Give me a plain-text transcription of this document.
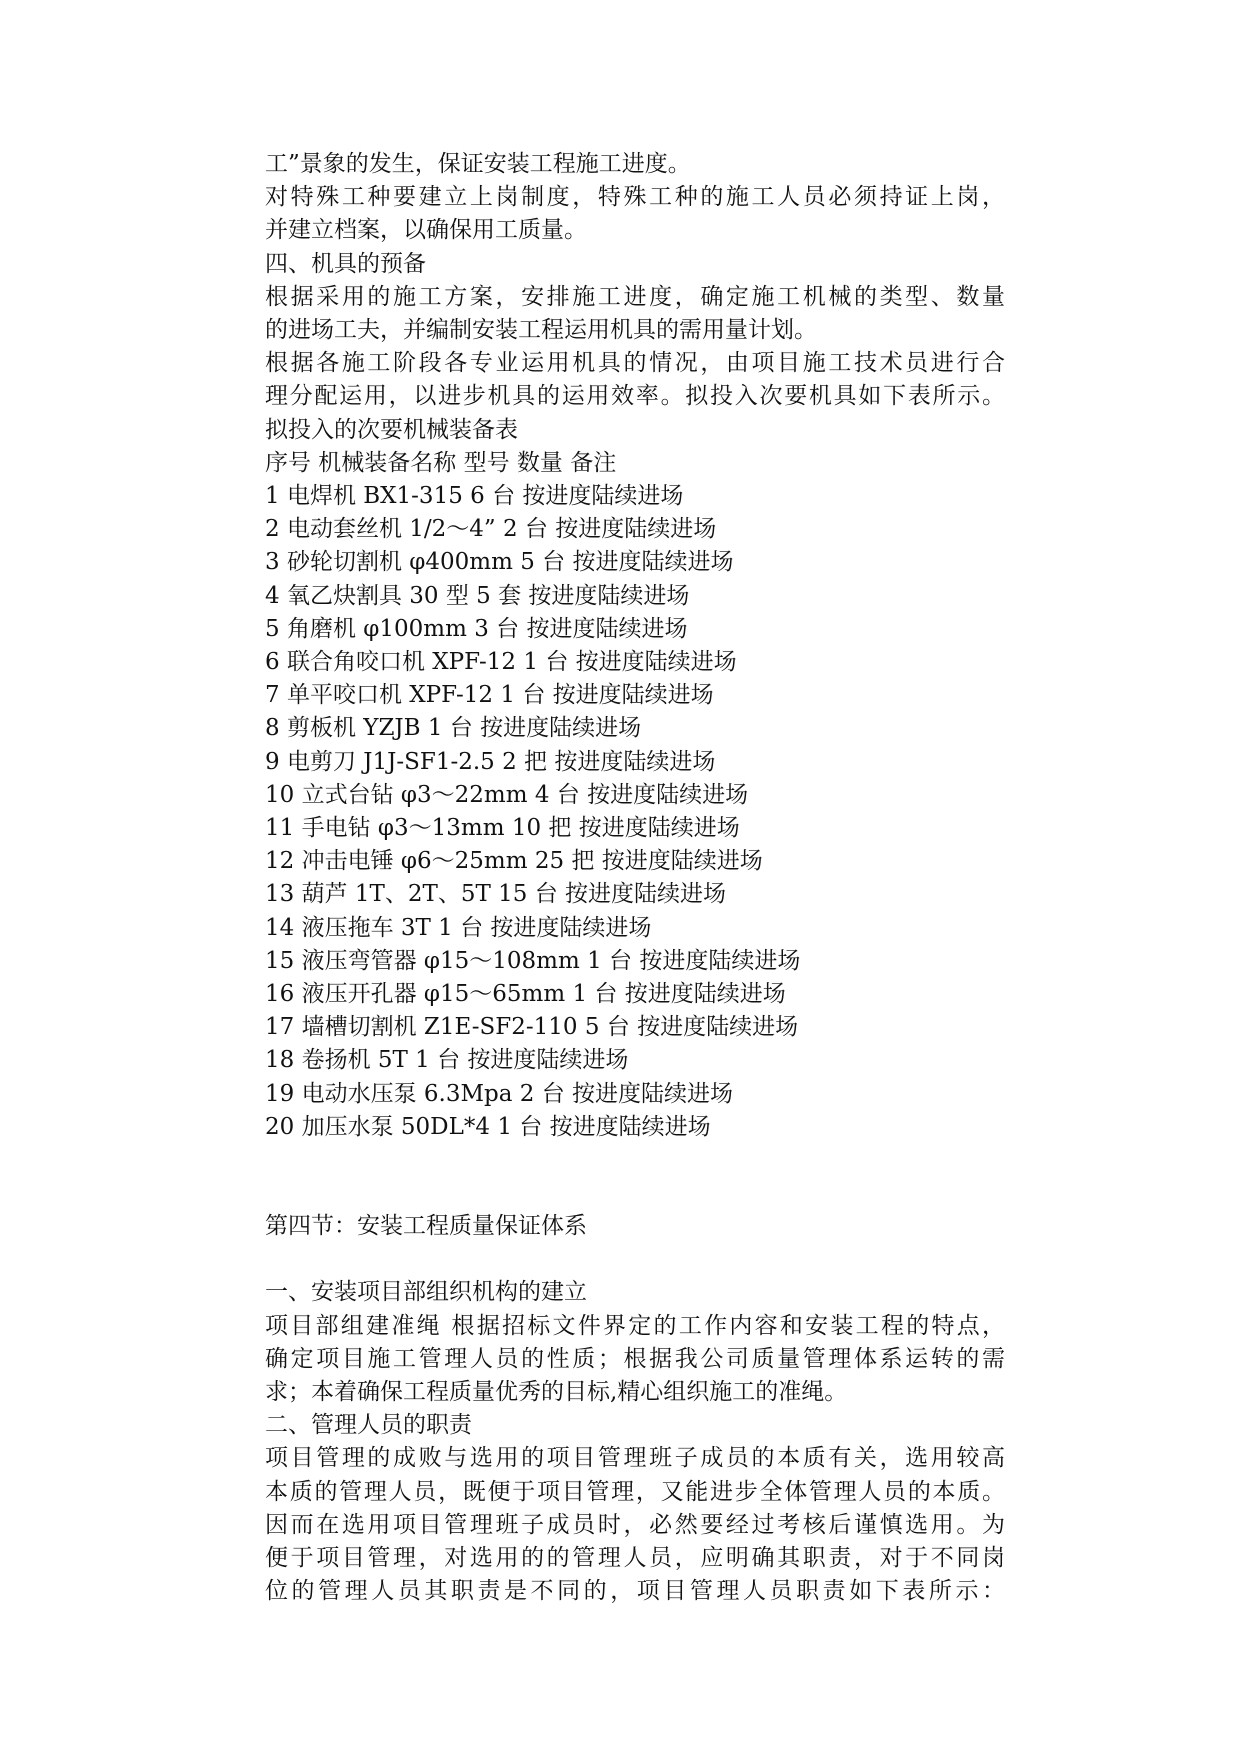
工”景象的发生，保证安装工程施工进度。
对特殊工种要建立上岗制度，特殊工种的施工人员必须持证上岗，
并建立档案，以确保用工质量。
四、机具的预备
根据采用的施工方案，安排施工进度，确定施工机械的类型、数量
的进场工夫，并编制安装工程运用机具的需用量计划。
根据各施工阶段各专业运用机具的情况，由项目施工技术员进行合
理分配运用，以进步机具的运用效率。拟投入次要机具如下表所示。
拟投入的次要机械装备表
序号 机械装备名称 型号 数量 备注
1 电焊机 BX1-315 6 台 按进度陆续进场
2 电动套丝机 1/2～4” 2 台 按进度陆续进场
3 砂轮切割机 φ400mm 5 台 按进度陆续进场
4 氧乙炔割具 30 型 5 套 按进度陆续进场
5 角磨机 φ100mm 3 台 按进度陆续进场
6 联合角咬口机 XPF-12 1 台 按进度陆续进场
7 单平咬口机 XPF-12 1 台 按进度陆续进场
8 剪板机 YZJB 1 台 按进度陆续进场
9 电剪刀 J1J-SF1-2.5 2 把 按进度陆续进场
10 立式台钻 φ3～22mm 4 台 按进度陆续进场
11 手电钻 φ3～13mm 10 把 按进度陆续进场
12 冲击电锤 φ6～25mm 25 把 按进度陆续进场
13 葫芦 1T、2T、5T 15 台 按进度陆续进场
14 液压拖车 3T 1 台 按进度陆续进场
15 液压弯管器 φ15～108mm 1 台 按进度陆续进场
16 液压开孔器 φ15～65mm 1 台 按进度陆续进场
17 墙槽切割机 Z1E-SF2-110 5 台 按进度陆续进场
18 卷扬机 5T 1 台 按进度陆续进场
19 电动水压泵 6.3Mpa 2 台 按进度陆续进场
20 加压水泵 50DL*4 1 台 按进度陆续进场
第四节：安装工程质量保证体系
一、安装项目部组织机构的建立
项目部组建准绳 根据招标文件界定的工作内容和安装工程的特点，
确定项目施工管理人员的性质；根据我公司质量管理体系运转的需
求；本着确保工程质量优秀的目标,精心组织施工的准绳。
二、管理人员的职责
项目管理的成败与选用的项目管理班子成员的本质有关，选用较高
本质的管理人员，既便于项目管理，又能进步全体管理人员的本质。
因而在选用项目管理班子成员时，必然要经过考核后谨慎选用。为
便于项目管理，对选用的的管理人员，应明确其职责，对于不同岗
位的管理人员其职责是不同的，项目管理人员职责如下表所示：
